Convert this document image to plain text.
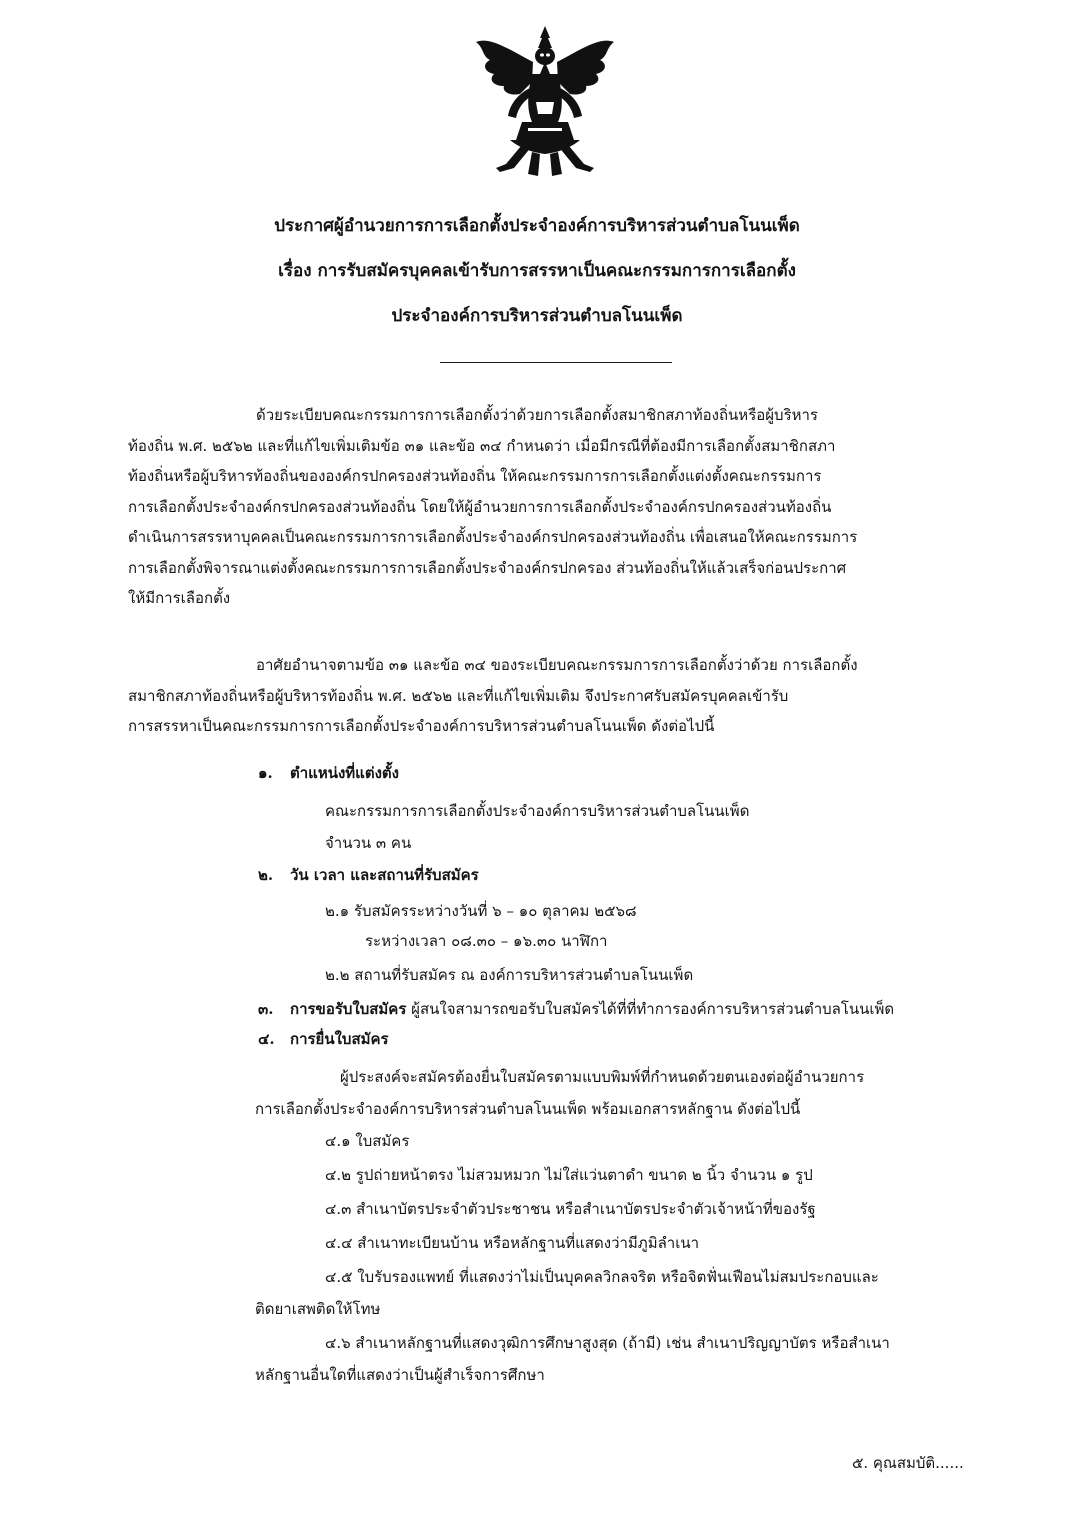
ประกาศผู้อำนวยการการเลือกตั้งประจำองค์การบริหารส่วนตำบลโนนเพ็ด
เรื่อง การรับสมัครบุคคลเข้ารับการสรรหาเป็นคณะกรรมการการเลือกตั้ง
ประจำองค์การบริหารส่วนตำบลโนนเพ็ด
ด้วยระเบียบคณะกรรมการการเลือกตั้งว่าด้วยการเลือกตั้งสมาชิกสภาท้องถิ่นหรือผู้บริหาร
ท้องถิ่น พ.ศ. ๒๕๖๒ และที่แก้ไขเพิ่มเติมข้อ ๓๑ และข้อ ๓๔ กำหนดว่า เมื่อมีกรณีที่ต้องมีการเลือกตั้งสมาชิกสภา
ท้องถิ่นหรือผู้บริหารท้องถิ่นขององค์กรปกครองส่วนท้องถิ่น ให้คณะกรรมการการเลือกตั้งแต่งตั้งคณะกรรมการ
การเลือกตั้งประจำองค์กรปกครองส่วนท้องถิ่น โดยให้ผู้อำนวยการการเลือกตั้งประจำองค์กรปกครองส่วนท้องถิ่น
ดำเนินการสรรหาบุคคลเป็นคณะกรรมการการเลือกตั้งประจำองค์กรปกครองส่วนท้องถิ่น เพื่อเสนอให้คณะกรรมการ
การเลือกตั้งพิจารณาแต่งตั้งคณะกรรมการการเลือกตั้งประจำองค์กรปกครอง ส่วนท้องถิ่นให้แล้วเสร็จก่อนประกาศ
ให้มีการเลือกตั้ง
อาศัยอำนาจตามข้อ ๓๑ และข้อ ๓๔ ของระเบียบคณะกรรมการการเลือกตั้งว่าด้วย การเลือกตั้ง
สมาชิกสภาท้องถิ่นหรือผู้บริหารท้องถิ่น พ.ศ. ๒๕๖๒ และที่แก้ไขเพิ่มเติม จึงประกาศรับสมัครบุคคลเข้ารับ
การสรรหาเป็นคณะกรรมการการเลือกตั้งประจำองค์การบริหารส่วนตำบลโนนเพ็ด ดังต่อไปนี้
๑. ตำแหน่งที่แต่งตั้ง
คณะกรรมการการเลือกตั้งประจำองค์การบริหารส่วนตำบลโนนเพ็ด
จำนวน ๓ คน
๒. วัน เวลา และสถานที่รับสมัคร
๒.๑ รับสมัครระหว่างวันที่ ๖ – ๑๐ ตุลาคม ๒๕๖๘
ระหว่างเวลา ๐๘.๓๐ – ๑๖.๓๐ นาฬิกา
๒.๒ สถานที่รับสมัคร ณ องค์การบริหารส่วนตำบลโนนเพ็ด
๓. การขอรับใบสมัคร ผู้สนใจสามารถขอรับใบสมัครได้ที่ที่ทำการองค์การบริหารส่วนตำบลโนนเพ็ด
๔. การยื่นใบสมัคร
ผู้ประสงค์จะสมัครต้องยื่นใบสมัครตามแบบพิมพ์ที่กำหนดด้วยตนเองต่อผู้อำนวยการ
การเลือกตั้งประจำองค์การบริหารส่วนตำบลโนนเพ็ด พร้อมเอกสารหลักฐาน ดังต่อไปนี้
๔.๑ ใบสมัคร
๔.๒ รูปถ่ายหน้าตรง ไม่สวมหมวก ไม่ใส่แว่นตาดำ ขนาด ๒ นิ้ว จำนวน ๑ รูป
๔.๓ สำเนาบัตรประจำตัวประชาชน หรือสำเนาบัตรประจำตัวเจ้าหน้าที่ของรัฐ
๔.๔ สำเนาทะเบียนบ้าน หรือหลักฐานที่แสดงว่ามีภูมิลำเนา
๔.๕ ใบรับรองแพทย์ ที่แสดงว่าไม่เป็นบุคคลวิกลจริต หรือจิตฟั่นเฟือนไม่สมประกอบและ
ติดยาเสพติดให้โทษ
๔.๖ สำเนาหลักฐานที่แสดงวุฒิการศึกษาสูงสุด (ถ้ามี) เช่น สำเนาปริญญาบัตร หรือสำเนา
หลักฐานอื่นใดที่แสดงว่าเป็นผู้สำเร็จการศึกษา
๕. คุณสมบัติ......
